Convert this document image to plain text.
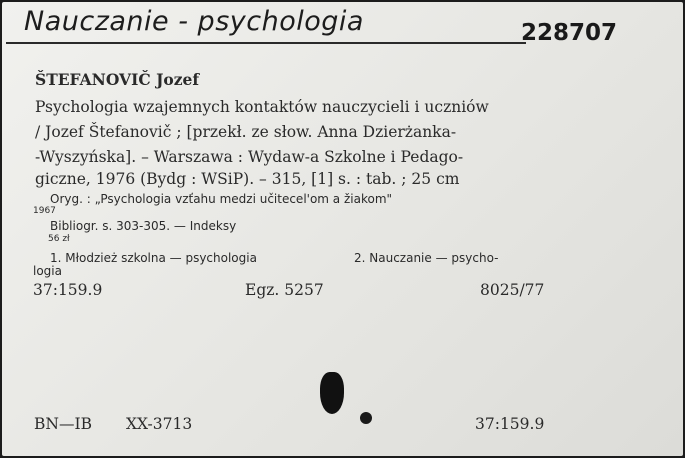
Nauczanie - psychologia	228707
ŠTEFANOVIČ Jozef
Psychologia wzajemnych kontaktów nauczycieli i uczniów
/ Jozef Štefanovič ; [przekł. ze słow. Anna Dzierżanka-
-Wyszyńska]. – Warszawa : Wydaw-a Szkolne i Pedago-
giczne, 1976 (Bydg : WSiP). – 315, [1] s. : tab. ; 25 cm
Oryg. : „Psychologia vzťahu medzi učitecel'om a žiakom"
1967
Bibliogr. s. 303-305. — Indeksy
56 zł
1. Młodzież szkolna — psychologia	2. Nauczanie — psycho-
logia
37:159.9	Egz. 5257	8025/77
BN—IB XX-3713	37:159.9
